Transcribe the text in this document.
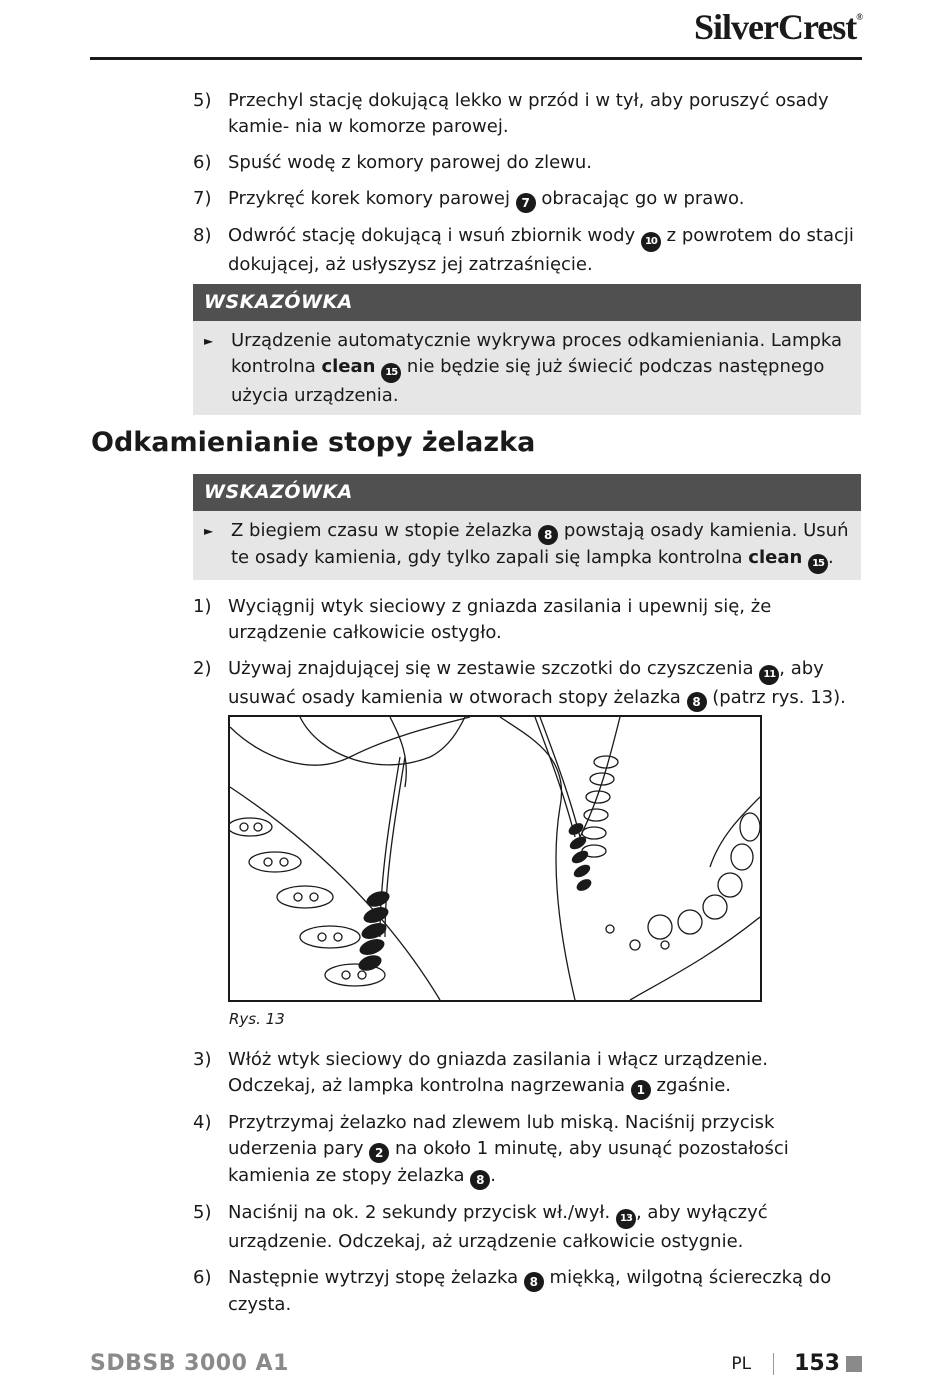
SilverCrest®
5) Przechyl stację dokującą lekko w przód i w tył, aby poruszyć osady kamie- nia w komorze parowej.
6) Spuść wodę z komory parowej do zlewu.
7) Przykręć korek komory parowej 7 obracając go w prawo.
8) Odwróć stację dokującą i wsuń zbiornik wody 10 z powrotem do stacji dokującej, aż usłyszysz jej zatrzaśnięcie.
WSKAZÓWKA
► Urządzenie automatycznie wykrywa proces odkamieniania. Lampka kontrolna clean 15 nie będzie się już świecić podczas następnego użycia urządzenia.
Odkamienianie stopy żelazka
WSKAZÓWKA
► Z biegiem czasu w stopie żelazka 8 powstają osady kamienia. Usuń te osady kamienia, gdy tylko zapali się lampka kontrolna clean 15 .
1) Wyciągnij wtyk sieciowy z gniazda zasilania i upewnij się, że urządzenie całkowicie ostygło.
2) Używaj znajdującej się w zestawie szczotki do czyszczenia 11 , aby usuwać osady kamienia w otworach stopy żelazka 8 (patrz rys. 13).
Rys. 13
3) Włóż wtyk sieciowy do gniazda zasilania i włącz urządzenie. Odczekaj, aż lampka kontrolna nagrzewania 1 zgaśnie.
4) Przytrzymaj żelazko nad zlewem lub miską. Naciśnij przycisk uderzenia pary 2 na około 1 minutę, aby usunąć pozostałości kamienia ze stopy żelazka 8 .
5) Naciśnij na ok. 2 sekundy przycisk wł./wył. 13 , aby wyłączyć urządzenie. Odczekaj, aż urządzenie całkowicie ostygnie.
6) Następnie wytrzyj stopę żelazka 8 miękką, wilgotną ściereczką do czysta.
SDBSB 3000 A1	PL 153
